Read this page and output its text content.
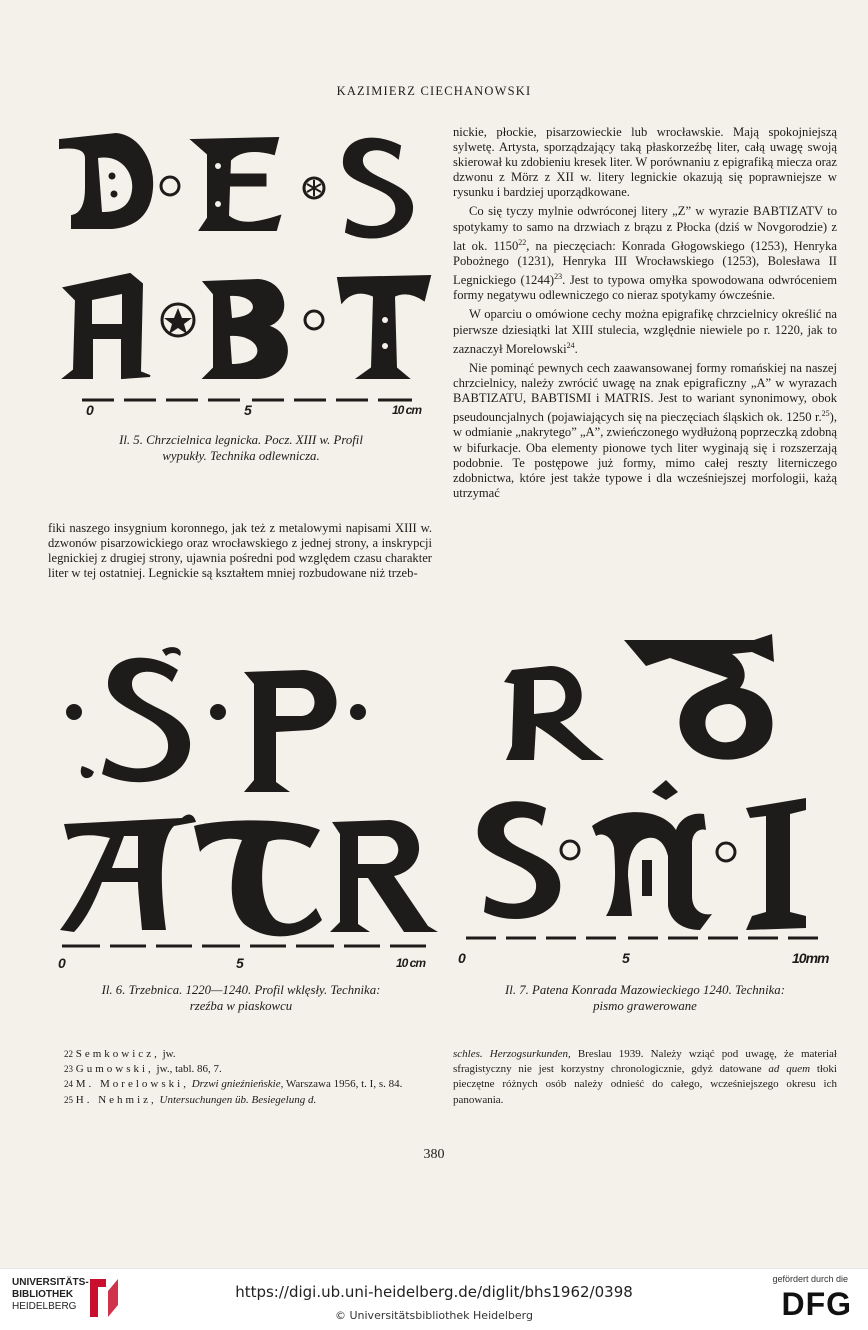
KAZIMIERZ CIECHANOWSKI
0	5	10 cm
Il. 5. Chrzcielnica legnicka. Pocz. XIII w. Profil
wypukły. Technika odlewnicza.

nickie, płockie, pisarzowieckie lub wrocławskie. Mają spokojniejszą sylwetę. Artysta, sporządzający taką płaskorzeźbę liter, całą uwagę swoją skierował ku zdobieniu kresek liter. W porównaniu z epigrafiką miecza oraz dzwonu z Mörz z XII w. litery legnickie okazują się poprawniejsze w rysunku i bardziej uporządkowane.

Co się tyczy mylnie odwróconej litery „Z” w wyrazie BABTIZATV to spotykamy to samo na drzwiach z brązu z Płocka (dziś w Novgorodzie) z lat ok. 1150$^{22}$, na pieczęciach: Konrada Głogowskiego (1253), Henryka Pobożnego (1231), Henryka III Wrocławskiego (1253), Bolesława II Legnickiego $(1244)^{23}$. Jest to typowa omyłka spowodowana odwróceniem formy negatywu odlewniczego co nieraz spotykamy ówcześnie.

W oparciu o omówione cechy można epigrafikę chrzcielnicy określić na pierwsze dziesiątki lat XIII stulecia, względnie niewiele po r. 1220, jak to zaznaczył Morelowski$^{24}$.

Nie pominąć pewnych cech zaawansowanej formy romańskiej na naszej chrzcielnicy, należy zwrócić uwagę na znak epigraficzny „A” w wyrazach BABTIZATU, BABTISMI i MATRIS. Jest to wariant synonimowy, obok pseudouncjalnych (pojawiających się na pieczęciach śląskich ok. 1250 r.$^{25}$), w odmianie „nakrytego” „A”, zwieńczonego wydłużoną poprzeczką zdobną w bifurkacje. Oba elementy pionowe tych liter wyginają się i rozszerzają podobnie. Te postępowe już formy, mimo całej reszty literniczego zdobnictwa, które jest także typowe i dla wcześniejszej morfologii, każą utrzymać

fiki naszego insygnium koronnego, jak też z metalowymi napisami XIII w. dzwonów pisarzowickiego oraz wrocławskiego z jednej strony, a inskrypcji legnickiej z drugiej strony, ujawnia pośredni pod względem czasu charakter liter w tej ostatniej. Legnickie są kształtem mniej rozbudowane niż trzeb-

0	5	10 cm
Il. 6. Trzebnica. 1220—1240. Profil wklęsły. Technika:
rzeźba w piaskowcu
0	5	10mm
Il. 7. Patena Konrada Mazowieckiego 1240. Technika:
pismo grawerowane
22 Semkowicz, jw.
23 Gumowski, jw., tabl. 86, 7.
24 M. Morelowski, Drzwi gnieźnieńskie, Warszawa 1956, t. I, s. 84.
25 H. Nehmiz, Untersuchungen üb. Besiegelung d.
schles. Herzogsurkunden, Breslau 1939. Należy wziąć pod uwagę, że materiał sfragistyczny nie jest korzystny chronologicznie, gdyż datowane ad quem tłoki pieczętne różnych osób należy odnieść do całego, wcześniejszego okresu ich panowania.
380
UNIVERSITÄTS-
BIBLIOTHEK
HEIDELBERG
https://digi.ub.uni-heidelberg.de/diglit/bhs1962/0398
© Universitätsbibliothek Heidelberg
gefördert durch die
DFG
